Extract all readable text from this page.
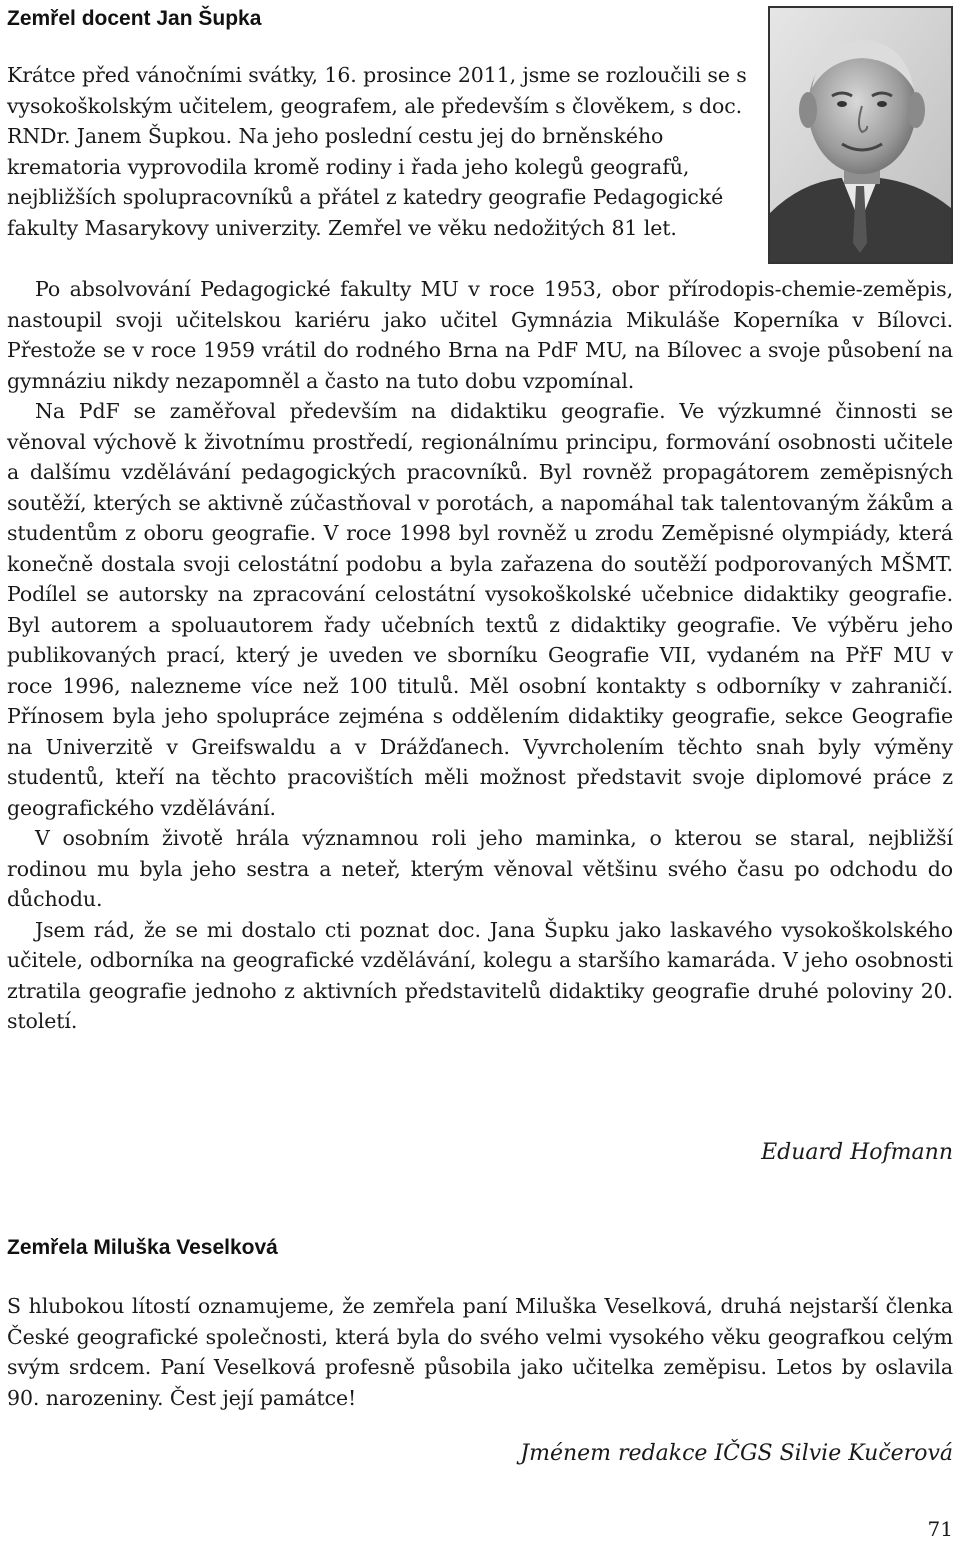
Zemřel docent Jan Šupka

Krátce před vánočními svátky, 16. prosince 2011, jsme se rozloučili se s vysokoškolským učitelem, geografem, ale především s člověkem, s doc. RNDr. Janem Šupkou. Na jeho poslední cestu jej do brněnského krematoria vyprovodila kromě rodiny i řada jeho kolegů geografů, nejbližších spolupracovníků a přátel z katedry geografie Pedagogické fakulty Masarykovy univerzity. Zemřel ve věku nedožitých 81 let.

Po absolvování Pedagogické fakulty MU v roce 1953, obor přírodopis-chemie-zeměpis, nastoupil svoji učitelskou kariéru jako učitel Gymnázia Mikuláše Koperníka v Bílovci. Přestože se v roce 1959 vrátil do rodného Brna na PdF MU, na Bílovec a svoje působení na gymnáziu nikdy nezapomněl a často na tuto dobu vzpomínal.

Na PdF se zaměřoval především na didaktiku geografie. Ve výzkumné činnosti se věnoval výchově k životnímu prostředí, regionálnímu principu, formování osobnosti učitele a dalšímu vzdělávání pedagogických pracovníků. Byl rovněž propagátorem zeměpisných soutěží, kterých se aktivně zúčastňoval v porotách, a napomáhal tak talentovaným žákům a studentům z oboru geografie. V roce 1998 byl rovněž u zrodu Zeměpisné olympiády, která konečně dostala svoji celostátní podobu a byla zařazena do soutěží podporovaných MŠMT. Podílel se autorsky na zpracování celostátní vysokoškolské učebnice didaktiky geografie. Byl autorem a spoluautorem řady učebních textů z didaktiky geografie. Ve výběru jeho publikovaných prací, který je uveden ve sborníku Geografie VII, vydaném na PřF MU v roce 1996, nalezneme více než 100 titulů. Měl osobní kontakty s odborníky v zahraničí. Přínosem byla jeho spolupráce zejména s oddělením didaktiky geografie, sekce Geografie na Univerzitě v Greifswaldu a v Drážďanech. Vyvrcholením těchto snah byly výměny studentů, kteří na těchto pracovištích měli možnost představit svoje diplomové práce z geografického vzdělávání.

V osobním životě hrála významnou roli jeho maminka, o kterou se staral, nejbližší rodinou mu byla jeho sestra a neteř, kterým věnoval většinu svého času po odchodu do důchodu.

Jsem rád, že se mi dostalo cti poznat doc. Jana Šupku jako laskavého vysokoškolského učitele, odborníka na geografické vzdělávání, kolegu a staršího kamaráda. V jeho osobnosti ztratila geografie jednoho z aktivních představitelů didaktiky geografie druhé poloviny 20. století.

Eduard Hofmann

Zemřela Miluška Veselková

S hlubokou lítostí oznamujeme, že zemřela paní Miluška Veselková, druhá nejstarší členka České geografické společnosti, která byla do svého velmi vysokého věku geografkou celým svým srdcem. Paní Veselková profesně působila jako učitelka zeměpisu. Letos by oslavila 90. narozeniny. Čest její památce!

Jménem redakce IČGS Silvie Kučerová

71
